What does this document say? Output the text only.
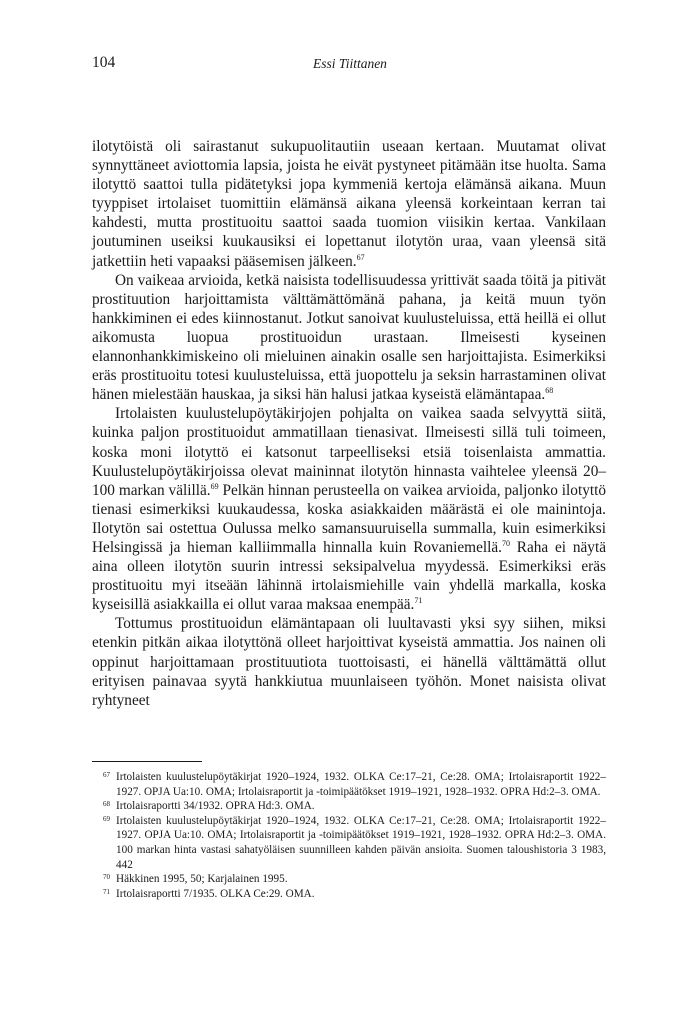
104	Essi Tiittanen

ilotytöistä oli sairastanut sukupuolitautiin useaan kertaan. Muutamat olivat synnyttäneet aviottomia lapsia, joista he eivät pystyneet pitämään itse huolta. Sama ilotyttö saattoi tulla pidätetyksi jopa kymmeniä kertoja elämänsä aikana. Muun tyyppiset irtolaiset tuomittiin elämänsä aikana yleensä korkeintaan kerran tai kahdesti, mutta prostituoitu saattoi saada tuomion viisikin kertaa. Vankilaan joutuminen useiksi kuukausiksi ei lopettanut ilotytön uraa, vaan yleensä sitä jatkettiin heti vapaaksi pääsemisen jälkeen.$^{67}$

On vaikeaa arvioida, ketkä naisista todellisuudessa yrittivät saada töitä ja pitivät prostituution harjoittamista välttämättömänä pahana, ja keitä muun työn hankkiminen ei edes kiinnostanut. Jotkut sanoivat kuulusteluissa, että heillä ei ollut aikomusta luopua prostituoidun urastaan. Ilmeisesti kyseinen elannonhankkimiskeino oli mieluinen ainakin osalle sen harjoittajista. Esimerkiksi eräs prostituoitu totesi kuulusteluissa, että juopottelu ja seksin harrastaminen olivat hänen mielestään hauskaa, ja siksi hän halusi jatkaa kyseistä elämäntapaa.$^{68}$

Irtolaisten kuulustelupöytäkirjojen pohjalta on vaikea saada selvyyttä siitä, kuinka paljon prostituoidut ammatillaan tienasivat. Ilmeisesti sillä tuli toimeen, koska moni ilotyttö ei katsonut tarpeelliseksi etsiä toisenlaista ammattia. Kuulustelupöytäkirjoissa olevat maininnat ilotytön hinnasta vaihtelee yleensä 20–100 markan välillä.$^{69}$ Pelkän hinnan perusteella on vaikea arvioida, paljonko ilotyttö tienasi esimerkiksi kuukaudessa, koska asiakkaiden määrästä ei ole mainintoja. Ilotytön sai ostettua Oulussa melko samansuuruisella summalla, kuin esimerkiksi Helsingissä ja hieman kalliimmalla hinnalla kuin Rovaniemellä.$^{70}$ Raha ei näytä aina olleen ilotytön suurin intressi seksipalvelua myydessä. Esimerkiksi eräs prostituoitu myi itseään lähinnä irtolaismiehille vain yhdellä markalla, koska kyseisillä asiakkailla ei ollut varaa maksaa enempää.$^{71}$

Tottumus prostituoidun elämäntapaan oli luultavasti yksi syy siihen, miksi etenkin pitkän aikaa ilotyttönä olleet harjoittivat kyseistä ammattia. Jos nainen oli oppinut harjoittamaan prostituutiota tuottoisasti, ei hänellä välttämättä ollut erityisen painavaa syytä hankkiutua muunlaiseen työhön. Monet naisista olivat ryhtyneet

67 Irtolaisten kuulustelupöytäkirjat 1920–1924, 1932. OLKA Ce:17–21, Ce:28. OMA; Irtolaisraportit 1922–1927. OPJA Ua:10. OMA; Irtolaisraportit ja -toimipäätökset 1919–1921, 1928–1932. OPRA Hd:2–3. OMA.
68 Irtolaisraportti 34/1932. OPRA Hd:3. OMA.
69 Irtolaisten kuulustelupöytäkirjat 1920–1924, 1932. OLKA Ce:17–21, Ce:28. OMA; Irtolaisraportit 1922–1927. OPJA Ua:10. OMA; Irtolaisraportit ja -toimipäätökset 1919–1921, 1928–1932. OPRA Hd:2–3. OMA. 100 markan hinta vastasi sahatyöläisen suunnilleen kahden päivän ansioita. Suomen taloushistoria 3 1983, 442
70 Häkkinen 1995, 50; Karjalainen 1995.
71 Irtolaisraportti 7/1935. OLKA Ce:29. OMA.
